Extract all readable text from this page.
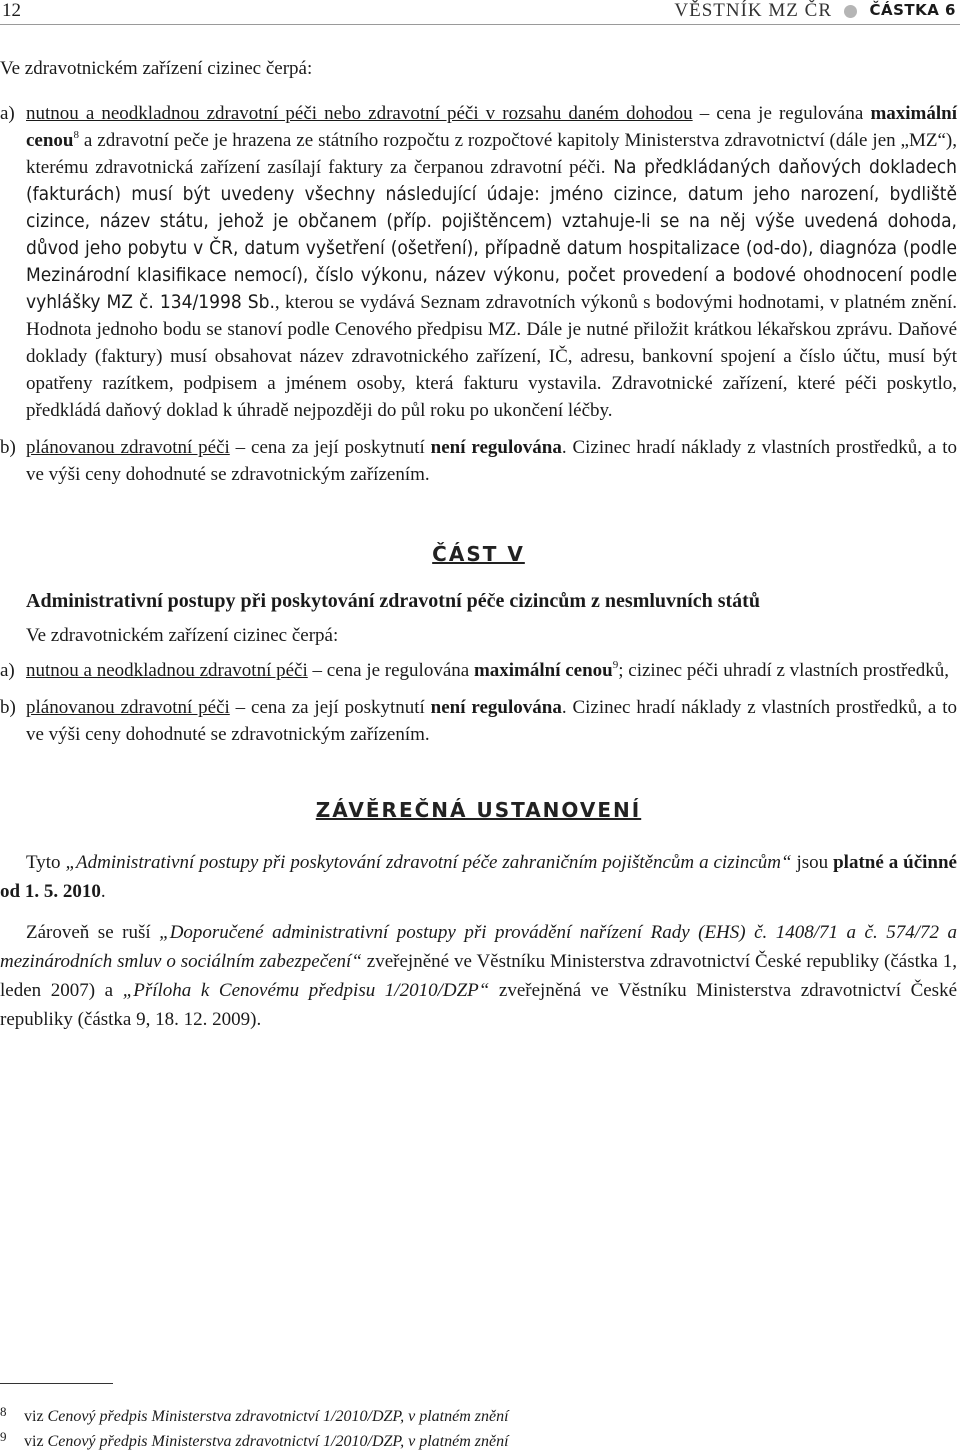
12	VĚSTNÍK MZ ČR ČÁSTKA 6

Ve zdravotnickém zařízení cizinec čerpá:

a) nutnou a neodkladnou zdravotní péči nebo zdravotní péči v rozsahu daném dohodou – cena je regulována maximální cenou$^8$ a zdravotní peče je hrazena ze státního rozpočtu z rozpočtové kapitoly Ministerstva zdravotnictví (dále jen „MZ“), kterému zdravotnická zařízení zasílají faktury za čerpanou zdravotní péči. Na předkládaných daňových dokladech (fakturách) musí být uvedeny všechny následující údaje: jméno cizince, datum jeho narození, bydliště cizince, název státu, jehož je občanem (příp. pojištěncem) vztahuje-li se na něj výše uvedená dohoda, důvod jeho pobytu v ČR, datum vyšetření (ošetření), případně datum hospitalizace (od-do), diagnóza (podle Mezinárodní klasifikace nemocí), číslo výkonu, název výkonu, počet provedení a bodové ohodnocení podle vyhlášky MZ č. 134/1998 Sb., kterou se vydává Seznam zdravotních výkonů s bodovými hodnotami, v platném znění. Hodnota jednoho bodu se stanoví podle Cenového předpisu MZ. Dále je nutné přiložit krátkou lékařskou zprávu. Daňové doklady (faktury) musí obsahovat název zdravotnického zařízení, IČ, adresu, bankovní spojení a číslo účtu, musí být opatřeny razítkem, podpisem a jménem osoby, která fakturu vystavila. Zdravotnické zařízení, které péči poskytlo, předkládá daňový doklad k úhradě nejpozději do půl roku po ukončení léčby.
b) plánovanou zdravotní péči – cena za její poskytnutí není regulována. Cizinec hradí náklady z vlastních prostředků, a to ve výši ceny dohodnuté se zdravotnickým zařízením.

ČÁST V

Administrativní postupy při poskytování zdravotní péče cizincům z nesmluvních států

Ve zdravotnickém zařízení cizinec čerpá:

a) nutnou a neodkladnou zdravotní péči – cena je regulována maximální cenou$^9$; cizinec péči uhradí z vlastních prostředků,
b) plánovanou zdravotní péči – cena za její poskytnutí není regulována. Cizinec hradí náklady z vlastních prostředků, a to ve výši ceny dohodnuté se zdravotnickým zařízením.

ZÁVĚREČNÁ USTANOVENÍ

Tyto „Administrativní postupy při poskytování zdravotní péče zahraničním pojištěncům a cizincům“ jsou platné a účinné od 1. 5. 2010.

Zároveň se ruší „Doporučené administrativní postupy při provádění nařízení Rady (EHS) č. 1408/71 a č. 574/72 a mezinárodních smluv o sociálním zabezpečení“ zveřejněné ve Věstníku Ministerstva zdravotnictví České republiky (částka 1, leden 2007) a „Příloha k Cenovému předpisu 1/2010/DZP“ zveřejněná ve Věstníku Ministerstva zdravotnictví České republiky (částka 9, 18. 12. 2009).

8 viz Cenový předpis Ministerstva zdravotnictví 1/2010/DZP, v platném znění
9 viz Cenový předpis Ministerstva zdravotnictví 1/2010/DZP, v platném znění
